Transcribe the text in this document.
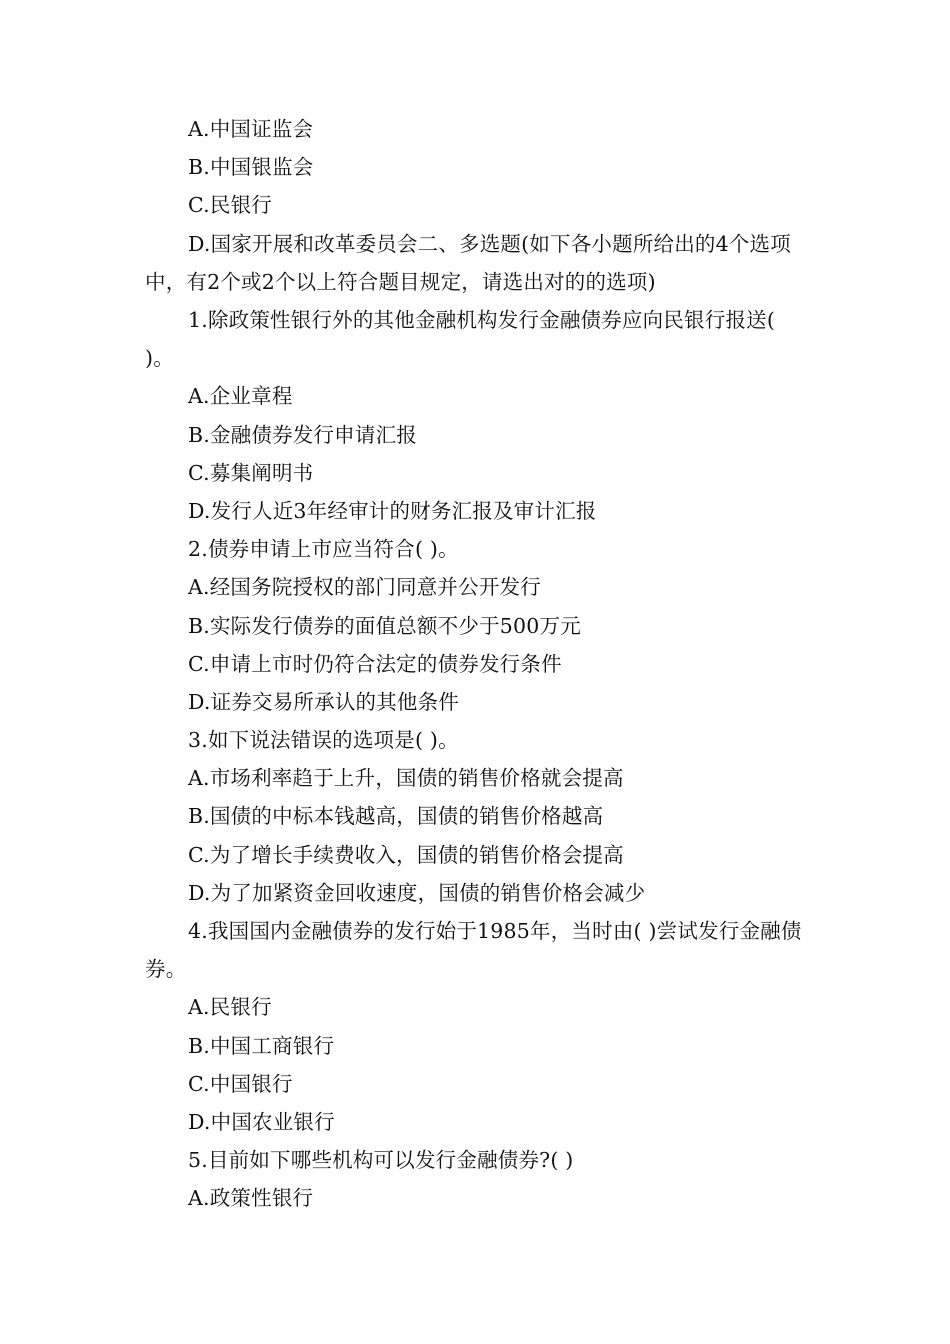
A.中国证监会
B.中国银监会
C.民银行
D.国家开展和改革委员会二、多选题(如下各小题所给出的4个选项中，有2个或2个以上符合题目规定，请选出对的的选项)
1.除政策性银行外的其他金融机构发行金融债券应向民银行报送( )。
A.企业章程
B.金融债券发行申请汇报
C.募集阐明书
D.发行人近3年经审计的财务汇报及审计汇报
2.债券申请上市应当符合( )。
A.经国务院授权的部门同意并公开发行
B.实际发行债券的面值总额不少于500万元
C.申请上市时仍符合法定的债券发行条件
D.证券交易所承认的其他条件
3.如下说法错误的选项是( )。
A.市场利率趋于上升，国债的销售价格就会提高
B.国债的中标本钱越高，国债的销售价格越高
C.为了增长手续费收入，国债的销售价格会提高
D.为了加紧资金回收速度，国债的销售价格会减少
4.我国国内金融债券的发行始于1985年，当时由( )尝试发行金融债券。
A.民银行
B.中国工商银行
C.中国银行
D.中国农业银行
5.目前如下哪些机构可以发行金融债券?( )
A.政策性银行
